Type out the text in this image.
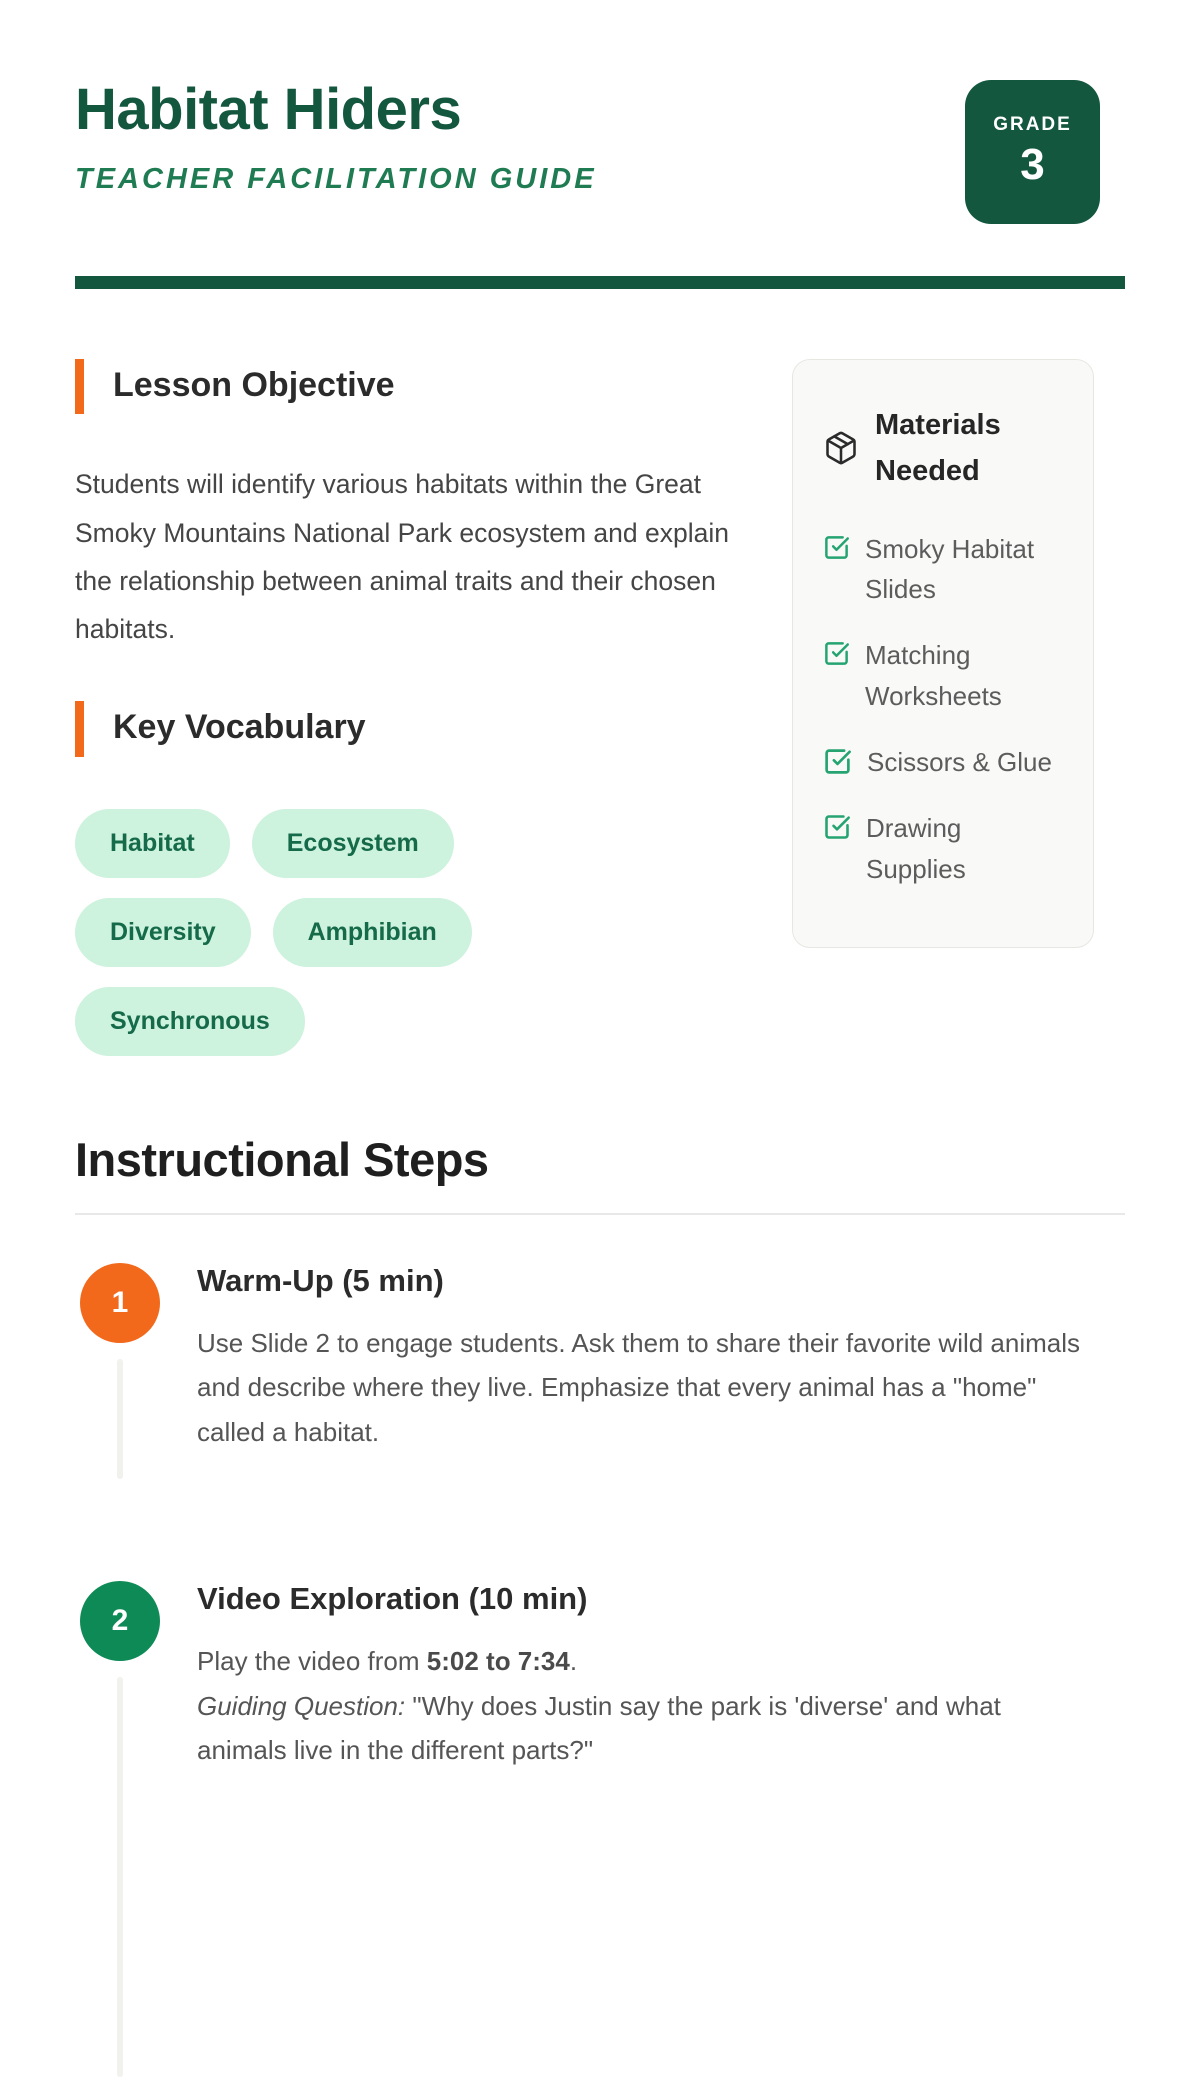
Habitat Hiders
TEACHER FACILITATION GUIDE
GRADE
3
Lesson Objective

Students will identify various habitats within the Great Smoky Mountains National Park ecosystem and explain the relationship between animal traits and their chosen habitats.

Key Vocabulary
Habitat	Ecosystem
Diversity	Amphibian
Synchronous
Materials Needed
Smoky Habitat Slides
Matching Worksheets
Scissors & Glue
Drawing Supplies
Instructional Steps
1
Warm-Up (5 min)

Use Slide 2 to engage students. Ask them to share their favorite wild animals and describe where they live. Emphasize that every animal has a "home" called a habitat.

2
Video Exploration (10 min)

Play the video from 5:02 to 7:34.

Guiding Question: "Why does Justin say the park is 'diverse' and what animals live in the different parts?"
